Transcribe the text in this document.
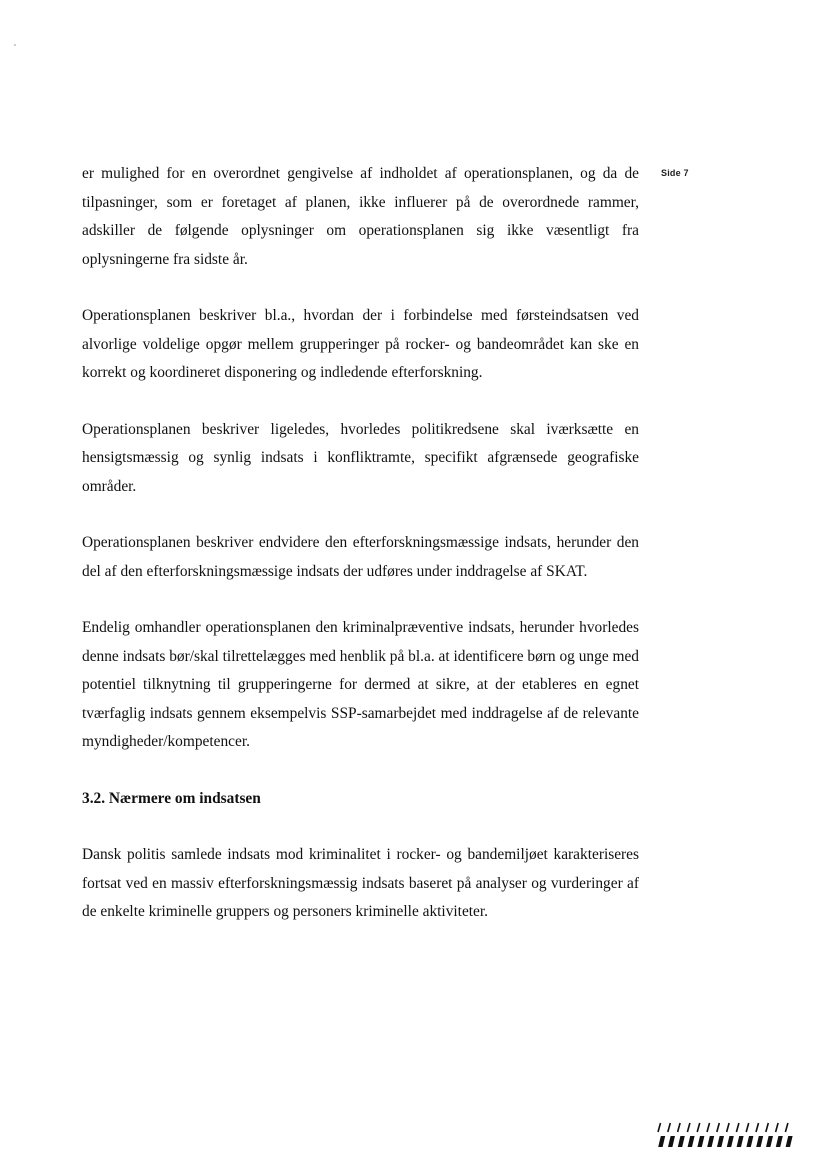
Side 7

er mulighed for en overordnet gengivelse af indholdet af operationsplanen, og da de tilpasninger, som er foretaget af planen, ikke influerer på de overordnede rammer, adskiller de følgende oplysninger om operationsplanen sig ikke væsentligt fra oplysningerne fra sidste år.

Operationsplanen beskriver bl.a., hvordan der i forbindelse med førsteindsatsen ved alvorlige voldelige opgør mellem grupperinger på rocker- og bandeområdet kan ske en korrekt og koordineret disponering og indledende efterforskning.

Operationsplanen beskriver ligeledes, hvorledes politikredsene skal iværksætte en hensigtsmæssig og synlig indsats i konfliktramte, specifikt afgrænsede geografiske områder.

Operationsplanen beskriver endvidere den efterforskningsmæssige indsats, herunder den del af den efterforskningsmæssige indsats der udføres under inddragelse af SKAT.

Endelig omhandler operationsplanen den kriminalpræventive indsats, herunder hvorledes denne indsats bør/skal tilrettelægges med henblik på bl.a. at identificere børn og unge med potentiel tilknytning til grupperingerne for dermed at sikre, at der etableres en egnet tværfaglig indsats gennem eksempelvis SSP-samarbejdet med inddragelse af de relevante myndigheder/kompetencer.

3.2. Nærmere om indsatsen

Dansk politis samlede indsats mod kriminalitet i rocker- og bandemiljøet karakteriseres fortsat ved en massiv efterforskningsmæssig indsats baseret på analyser og vurderinger af de enkelte kriminelle gruppers og personers kriminelle aktiviteter.
